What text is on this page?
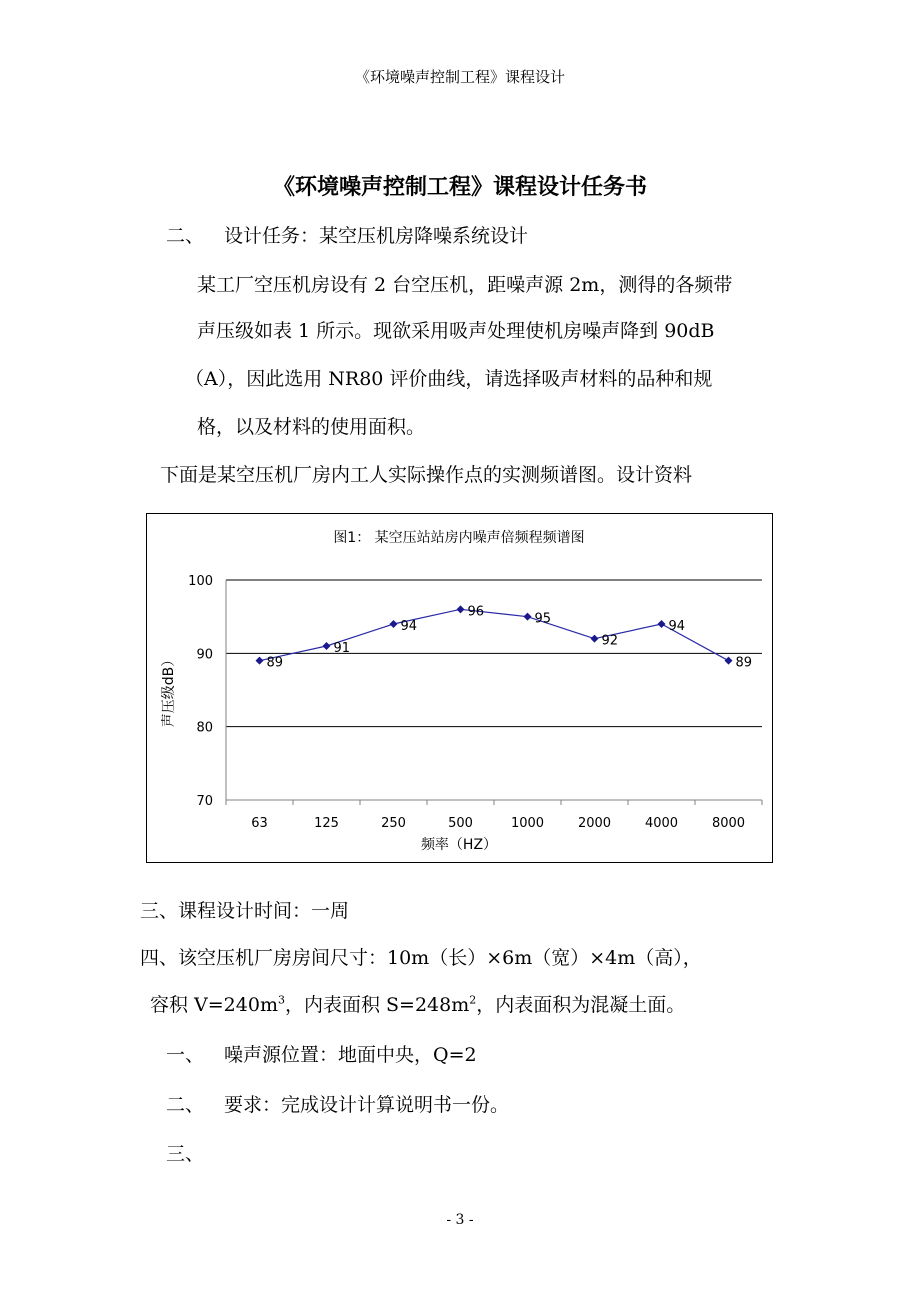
《环境噪声控制工程》课程设计
《环境噪声控制工程》课程设计任务书
二、 设计任务：某空压机房降噪系统设计
某工厂空压机房设有 2 台空压机，距噪声源 2m，测得的各频带
声压级如表 1 所示。现欲采用吸声处理使机房噪声降到 90dB
（A），因此选用 NR80 评价曲线，请选择吸声材料的品种和规
格，以及材料的使用面积。
下面是某空压机厂房内工人实际操作点的实测频谱图。设计资料
图1： 某空压站站房内噪声倍频程频谱图
70
80
90
100
63	125	250	500	1000	2000	4000	8000
频率（HZ）
声压级dB）	89
91
94
96	95
92
94
89
三、课程设计时间：一周
四、该空压机厂房房间尺寸：10m（长）×6m（宽）×4m（高），
容积 $V=240m^3$，内表面积 $S=248m^2$，内表面积为混凝土面。
一、 噪声源位置：地面中央，Q=2
二、 要求：完成设计计算说明书一份。
三、
- 3 -
